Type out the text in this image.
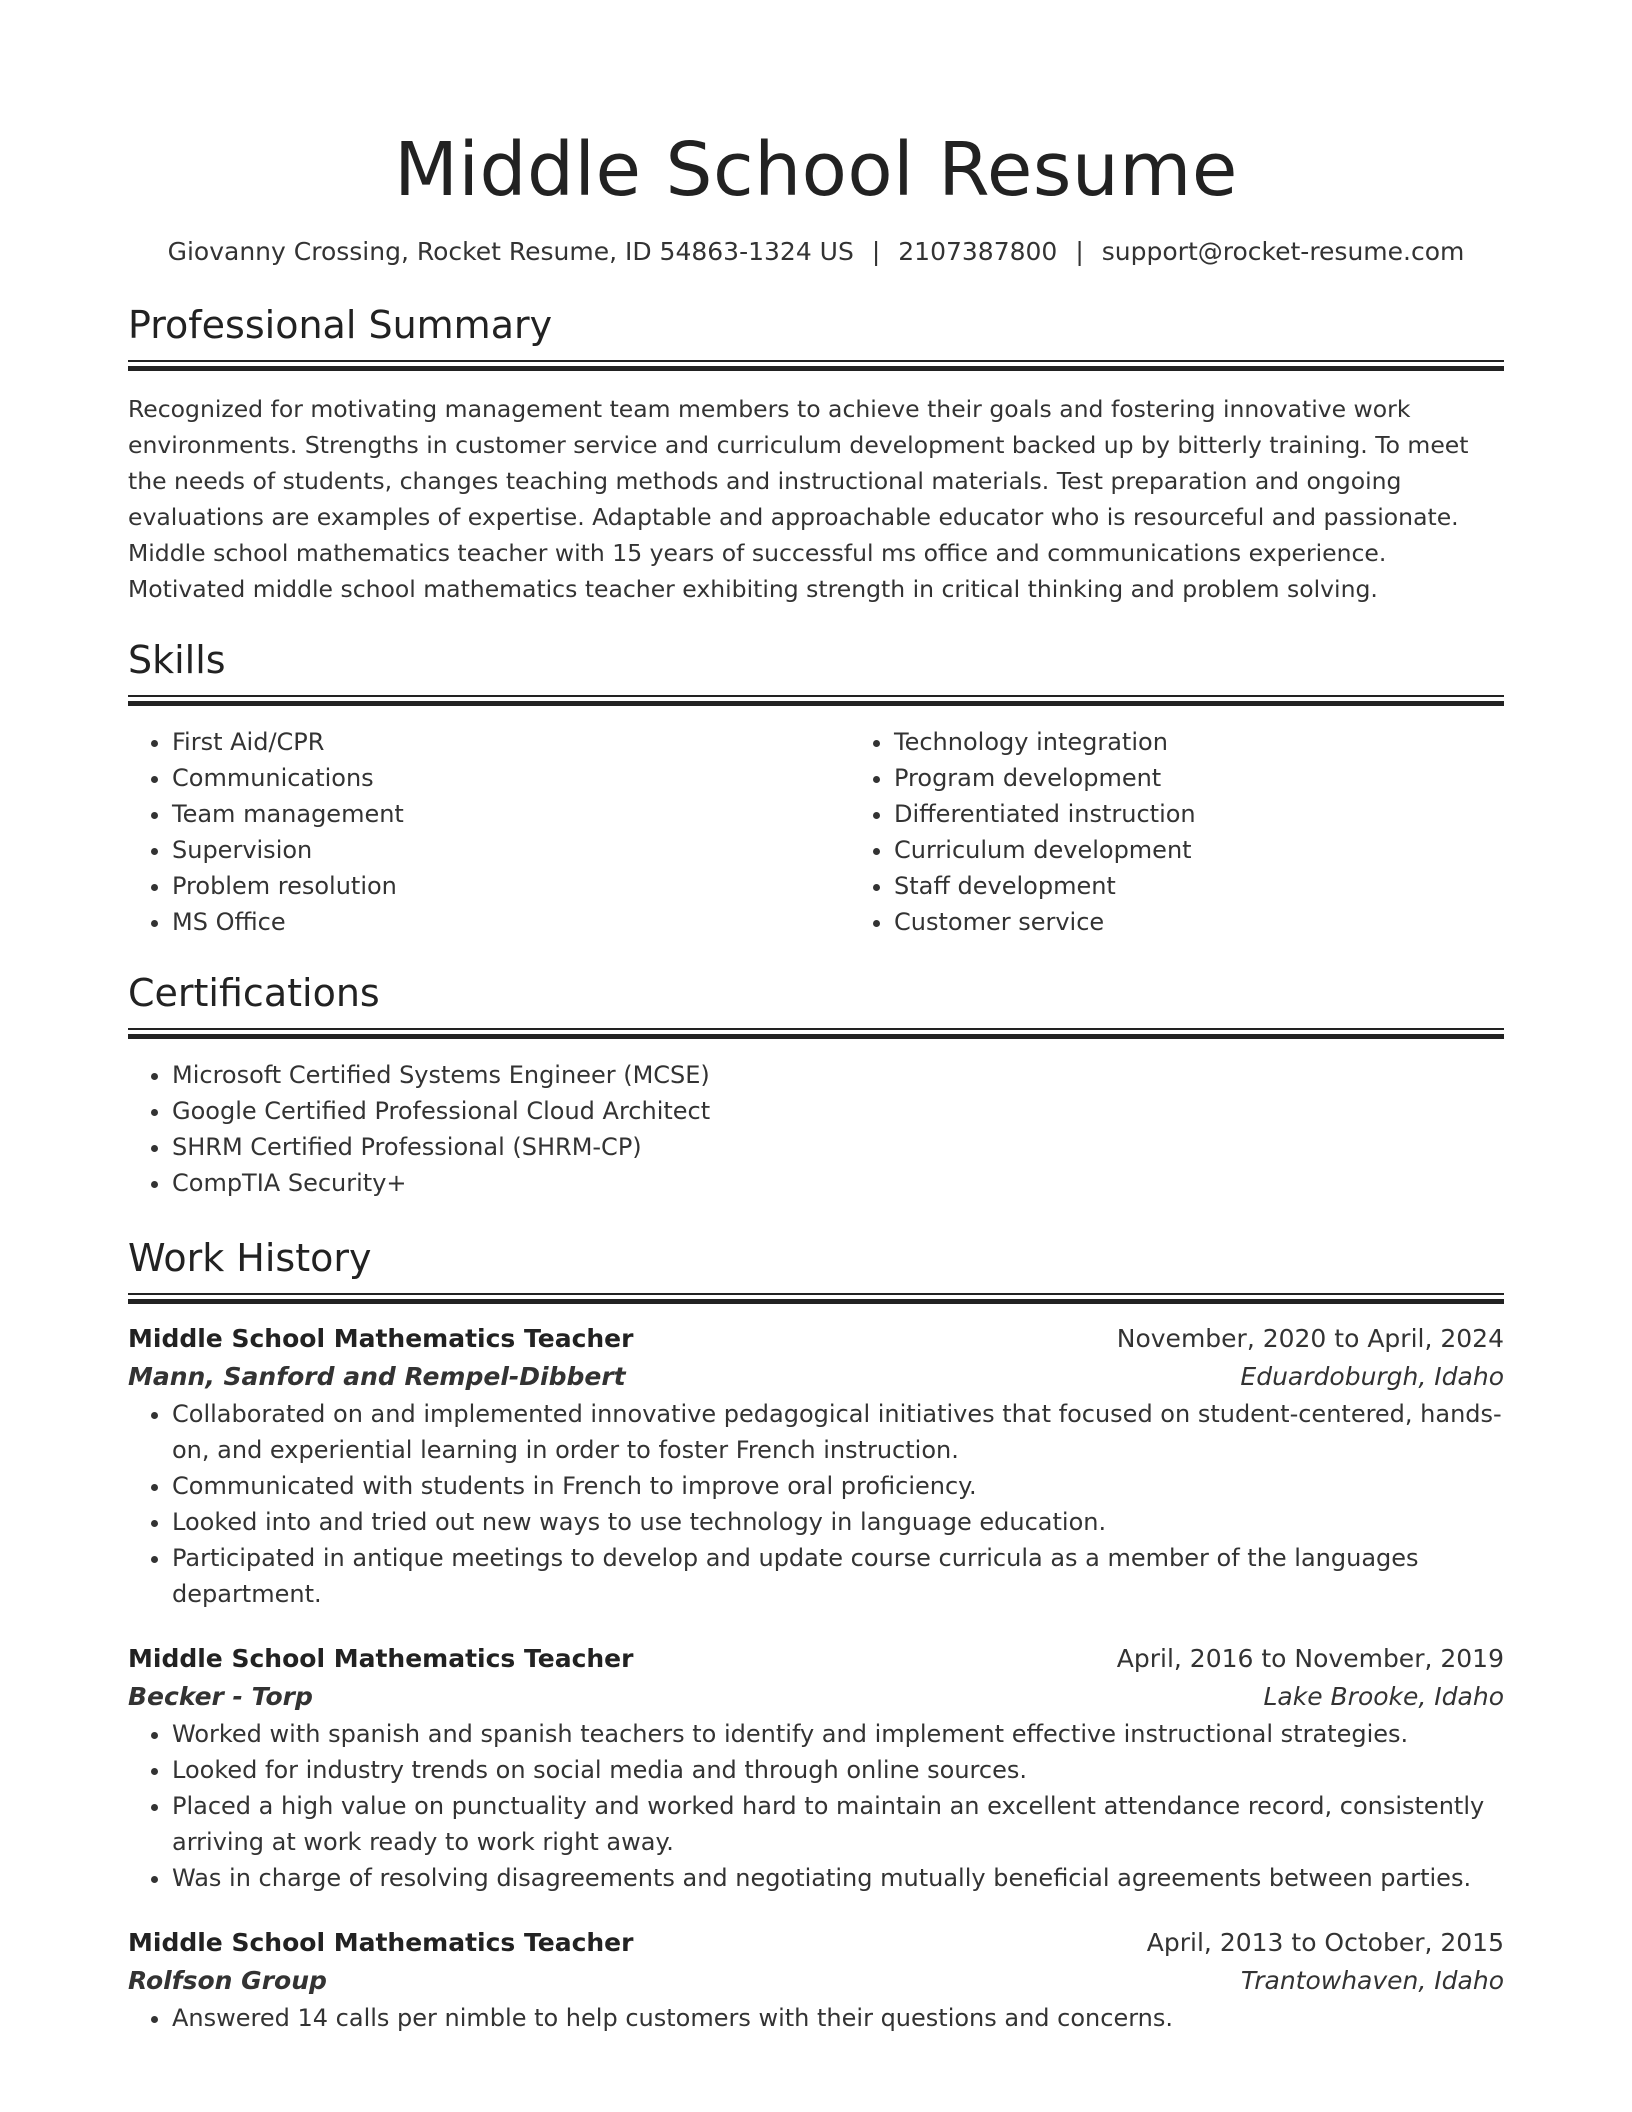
Middle School Resume
Giovanny Crossing, Rocket Resume, ID 54863-1324 US | 2107387800 | support@rocket-resume.com
Professional Summary

Recognized for motivating management team members to achieve their goals and fostering innovative work environments. Strengths in customer service and curriculum development backed up by bitterly training. To meet the needs of students, changes teaching methods and instructional materials. Test preparation and ongoing evaluations are examples of expertise. Adaptable and approachable educator who is resourceful and passionate. Middle school mathematics teacher with 15 years of successful ms office and communications experience. Motivated middle school mathematics teacher exhibiting strength in critical thinking and problem solving.

Skills
• First Aid/CPR
• Communications
• Team management
• Supervision
• Problem resolution
• MS Office
• Technology integration
• Program development
• Differentiated instruction
• Curriculum development
• Staff development
• Customer service
Certifications
• Microsoft Certified Systems Engineer (MCSE)
• Google Certified Professional Cloud Architect
• SHRM Certified Professional (SHRM-CP)
• CompTIA Security+
Work History
Middle School Mathematics Teacher	November, 2020 to April, 2024
Mann, Sanford and Rempel-Dibbert	Eduardoburgh, Idaho
• Collaborated on and implemented innovative pedagogical initiatives that focused on student-centered, hands-on, and experiential learning in order to foster French instruction.
• Communicated with students in French to improve oral proficiency.
• Looked into and tried out new ways to use technology in language education.
• Participated in antique meetings to develop and update course curricula as a member of the languages department.
Middle School Mathematics Teacher	April, 2016 to November, 2019
Becker - Torp	Lake Brooke, Idaho
• Worked with spanish and spanish teachers to identify and implement effective instructional strategies.
• Looked for industry trends on social media and through online sources.
• Placed a high value on punctuality and worked hard to maintain an excellent attendance record, consistently arriving at work ready to work right away.
• Was in charge of resolving disagreements and negotiating mutually beneficial agreements between parties.
Middle School Mathematics Teacher	April, 2013 to October, 2015
Rolfson Group	Trantowhaven, Idaho
• Answered 14 calls per nimble to help customers with their questions and concerns.
